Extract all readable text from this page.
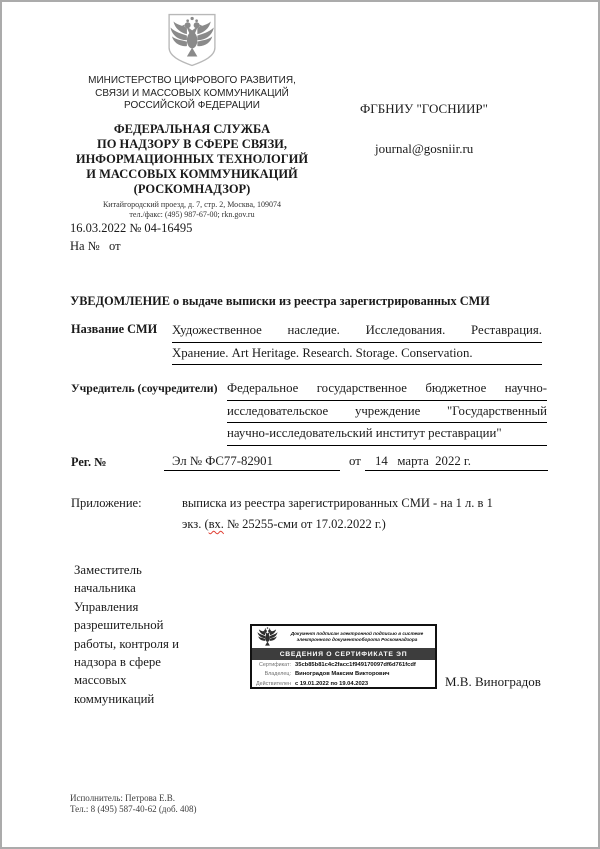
МИНИСТЕРСТВО ЦИФРОВОГО РАЗВИТИЯ,
СВЯЗИ И МАССОВЫХ КОММУНИКАЦИЙ
РОССИЙСКОЙ ФЕДЕРАЦИИ
ФЕДЕРАЛЬНАЯ СЛУЖБА
ПО НАДЗОРУ В СФЕРЕ СВЯЗИ,
ИНФОРМАЦИОННЫХ ТЕХНОЛОГИЙ
И МАССОВЫХ КОММУНИКАЦИЙ
(РОСКОМНАДЗОР)
Китайгородский проезд, д. 7, стр. 2, Москва, 109074
тел./факс: (495) 987-67-00; rkn.gov.ru
16.03.2022 № 04-16495
На №   от
ФГБНИУ "ГОСНИИР"
journal@gosniir.ru
УВЕДОМЛЕНИЕ о выдаче выписки из реестра зарегистрированных СМИ
Название СМИ Художественное наследие. Исследования. Реставрация.
Хранение. Art Heritage. Research. Storage. Conservation.
Учредитель (соучредители) Федеральное государственное бюджетное научно-
исследовательское учреждение "Государственный
научно-исследовательский институт реставрации"
Рег. №	Эл № ФС77-82901	от	14   марта  2022 г.
Приложение:	выписка из реестра зарегистрированных СМИ - на 1 л. в 1
экз. (вх. № 25255-сми от 17.02.2022 г.)
Заместитель
начальника
Управления
разрешительной
работы, контроля и
надзора в сфере
массовых
коммуникаций
Документ подписан электронной подписью в системе электронного документооборота Роскомнадзора
СВЕДЕНИЯ О СЕРТИФИКАТЕ ЭП
Сертификат: 35cb85b81c4c2facc1f949170097df6d761fcdf
Владелец: Виноградов Максим Викторович
Действителен с 19.01.2022 по 19.04.2023	М.В. Виноградов
Исполнитель: Петрова Е.В.
Тел.: 8 (495) 587-40-62 (доб. 408)
